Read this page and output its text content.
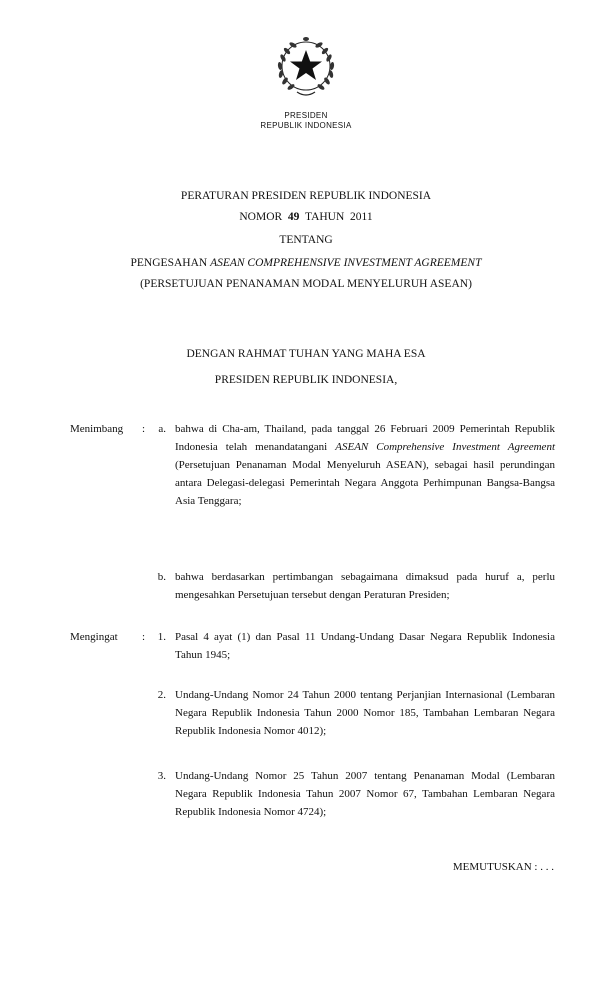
PRESIDEN
REPUBLIK INDONESIA
PERATURAN PRESIDEN REPUBLIK INDONESIA
NOMOR 49 TAHUN 2011
TENTANG
PENGESAHAN ASEAN COMPREHENSIVE INVESTMENT AGREEMENT
(PERSETUJUAN PENANAMAN MODAL MENYELURUH ASEAN)
DENGAN RAHMAT TUHAN YANG MAHA ESA
PRESIDEN REPUBLIK INDONESIA,
Menimbang :	a. bahwa di Cha-am, Thailand, pada tanggal 26 Februari 2009 Pemerintah Republik Indonesia telah menandatangani ASEAN Comprehensive Investment Agreement (Persetujuan Penanaman Modal Menyeluruh ASEAN), sebagai hasil perundingan antara Delegasi-delegasi Pemerintah Negara Anggota Perhimpunan Bangsa-Bangsa Asia Tenggara;
b. bahwa berdasarkan pertimbangan sebagaimana dimaksud pada huruf a, perlu mengesahkan Persetujuan tersebut dengan Peraturan Presiden;
Mengingat :	1. Pasal 4 ayat (1) dan Pasal 11 Undang-Undang Dasar Negara Republik Indonesia Tahun 1945;
2. Undang-Undang Nomor 24 Tahun 2000 tentang Perjanjian Internasional (Lembaran Negara Republik Indonesia Tahun 2000 Nomor 185, Tambahan Lembaran Negara Republik Indonesia Nomor 4012);
3. Undang-Undang Nomor 25 Tahun 2007 tentang Penanaman Modal (Lembaran Negara Republik Indonesia Tahun 2007 Nomor 67, Tambahan Lembaran Negara Republik Indonesia Nomor 4724);
MEMUTUSKAN : . . .
